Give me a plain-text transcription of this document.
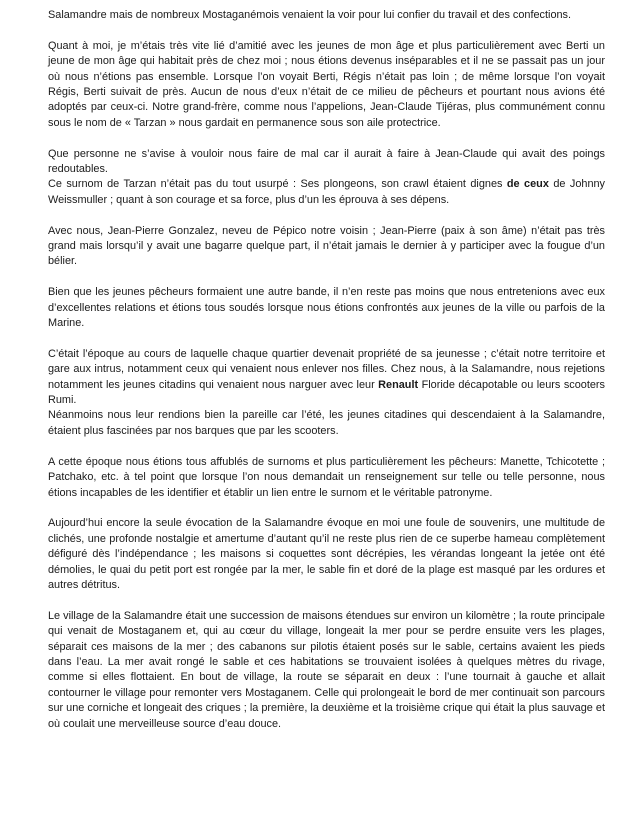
Salamandre mais de nombreux Mostaganémois venaient la voir pour lui confier du travail et des confections.

Quant à moi, je m’étais très vite lié d’amitié avec les jeunes de mon âge et plus particulièrement avec Berti un jeune de mon âge qui habitait près de chez moi ; nous étions devenus inséparables et il ne se passait pas un jour où nous n’étions pas ensemble. Lorsque l’on voyait Berti, Régis n’était pas loin ; de même lorsque l’on voyait Régis, Berti suivait de près. Aucun de nous d’eux n’était de ce milieu de pêcheurs et pourtant nous avions été adoptés par ceux-ci. Notre grand-frère, comme nous l’appelions, Jean-Claude Tijéras, plus communément connu sous le nom de « Tarzan » nous gardait en permanence sous son aile protectrice.

Que personne ne s’avise à vouloir nous faire de mal car il aurait à faire à Jean-Claude qui avait des poings redoutables.

Ce surnom de Tarzan n’était pas du tout usurpé : Ses plongeons, son crawl étaient dignes de ceux de Johnny Weissmuller ; quant à son courage et sa force, plus d’un les éprouva à ses dépens.

Avec nous, Jean-Pierre Gonzalez, neveu de Pépico notre voisin ; Jean-Pierre (paix à son âme) n’était pas très grand mais lorsqu’il y avait une bagarre quelque part, il n’était jamais le dernier à y participer avec la fougue d’un bélier.

Bien que les jeunes pêcheurs formaient une autre bande, il n’en reste pas moins que nous entretenions avec eux d’excellentes relations et étions tous soudés lorsque nous étions confrontés aux jeunes de la ville ou parfois de la Marine.

C’était l’époque au cours de laquelle chaque quartier devenait propriété de sa jeunesse ; c’était notre territoire et gare aux intrus, notamment ceux qui venaient nous enlever nos filles. Chez nous, à la Salamandre, nous rejetions notamment les jeunes citadins qui venaient nous narguer avec leur Renault Floride décapotable ou leurs scooters Rumi.

Néanmoins nous leur rendions bien la pareille car l’été, les jeunes citadines qui descendaient à la Salamandre, étaient plus fascinées par nos barques que par les scooters.

A cette époque nous étions tous affublés de surnoms et plus particulièrement les pêcheurs: Manette, Tchicotette ; Patchako, etc. à tel point que lorsque l’on nous demandait un renseignement sur telle ou telle personne, nous étions incapables de les identifier et établir un lien entre le surnom et le véritable patronyme.

Aujourd’hui encore la seule évocation de la Salamandre évoque en moi une foule de souvenirs, une multitude de clichés, une profonde nostalgie et amertume d’autant qu’il ne reste plus rien de ce superbe hameau complètement défiguré dès l’indépendance ; les maisons si coquettes sont décrépies, les vérandas longeant la jetée ont été démolies, le quai du petit port est rongée par la mer, le sable fin et doré de la plage est masqué par les ordures et autres détritus.

Le village de la Salamandre était une succession de maisons étendues sur environ un kilomètre ; la route principale qui venait de Mostaganem et, qui au cœur du village, longeait la mer pour se perdre ensuite vers les plages, séparait ces maisons de la mer ; des cabanons sur pilotis étaient posés sur le sable, certains avaient les pieds dans l’eau. La mer avait rongé le sable et ces habitations se trouvaient isolées à quelques mètres du rivage, comme si elles flottaient. En bout de village, la route se séparait en deux : l’une tournait à gauche et allait contourner le village pour remonter vers Mostaganem. Celle qui prolongeait le bord de mer continuait son parcours sur une corniche et longeait des criques ; la première, la deuxième et la troisième crique qui était la plus sauvage et où coulait une merveilleuse source d’eau douce.
